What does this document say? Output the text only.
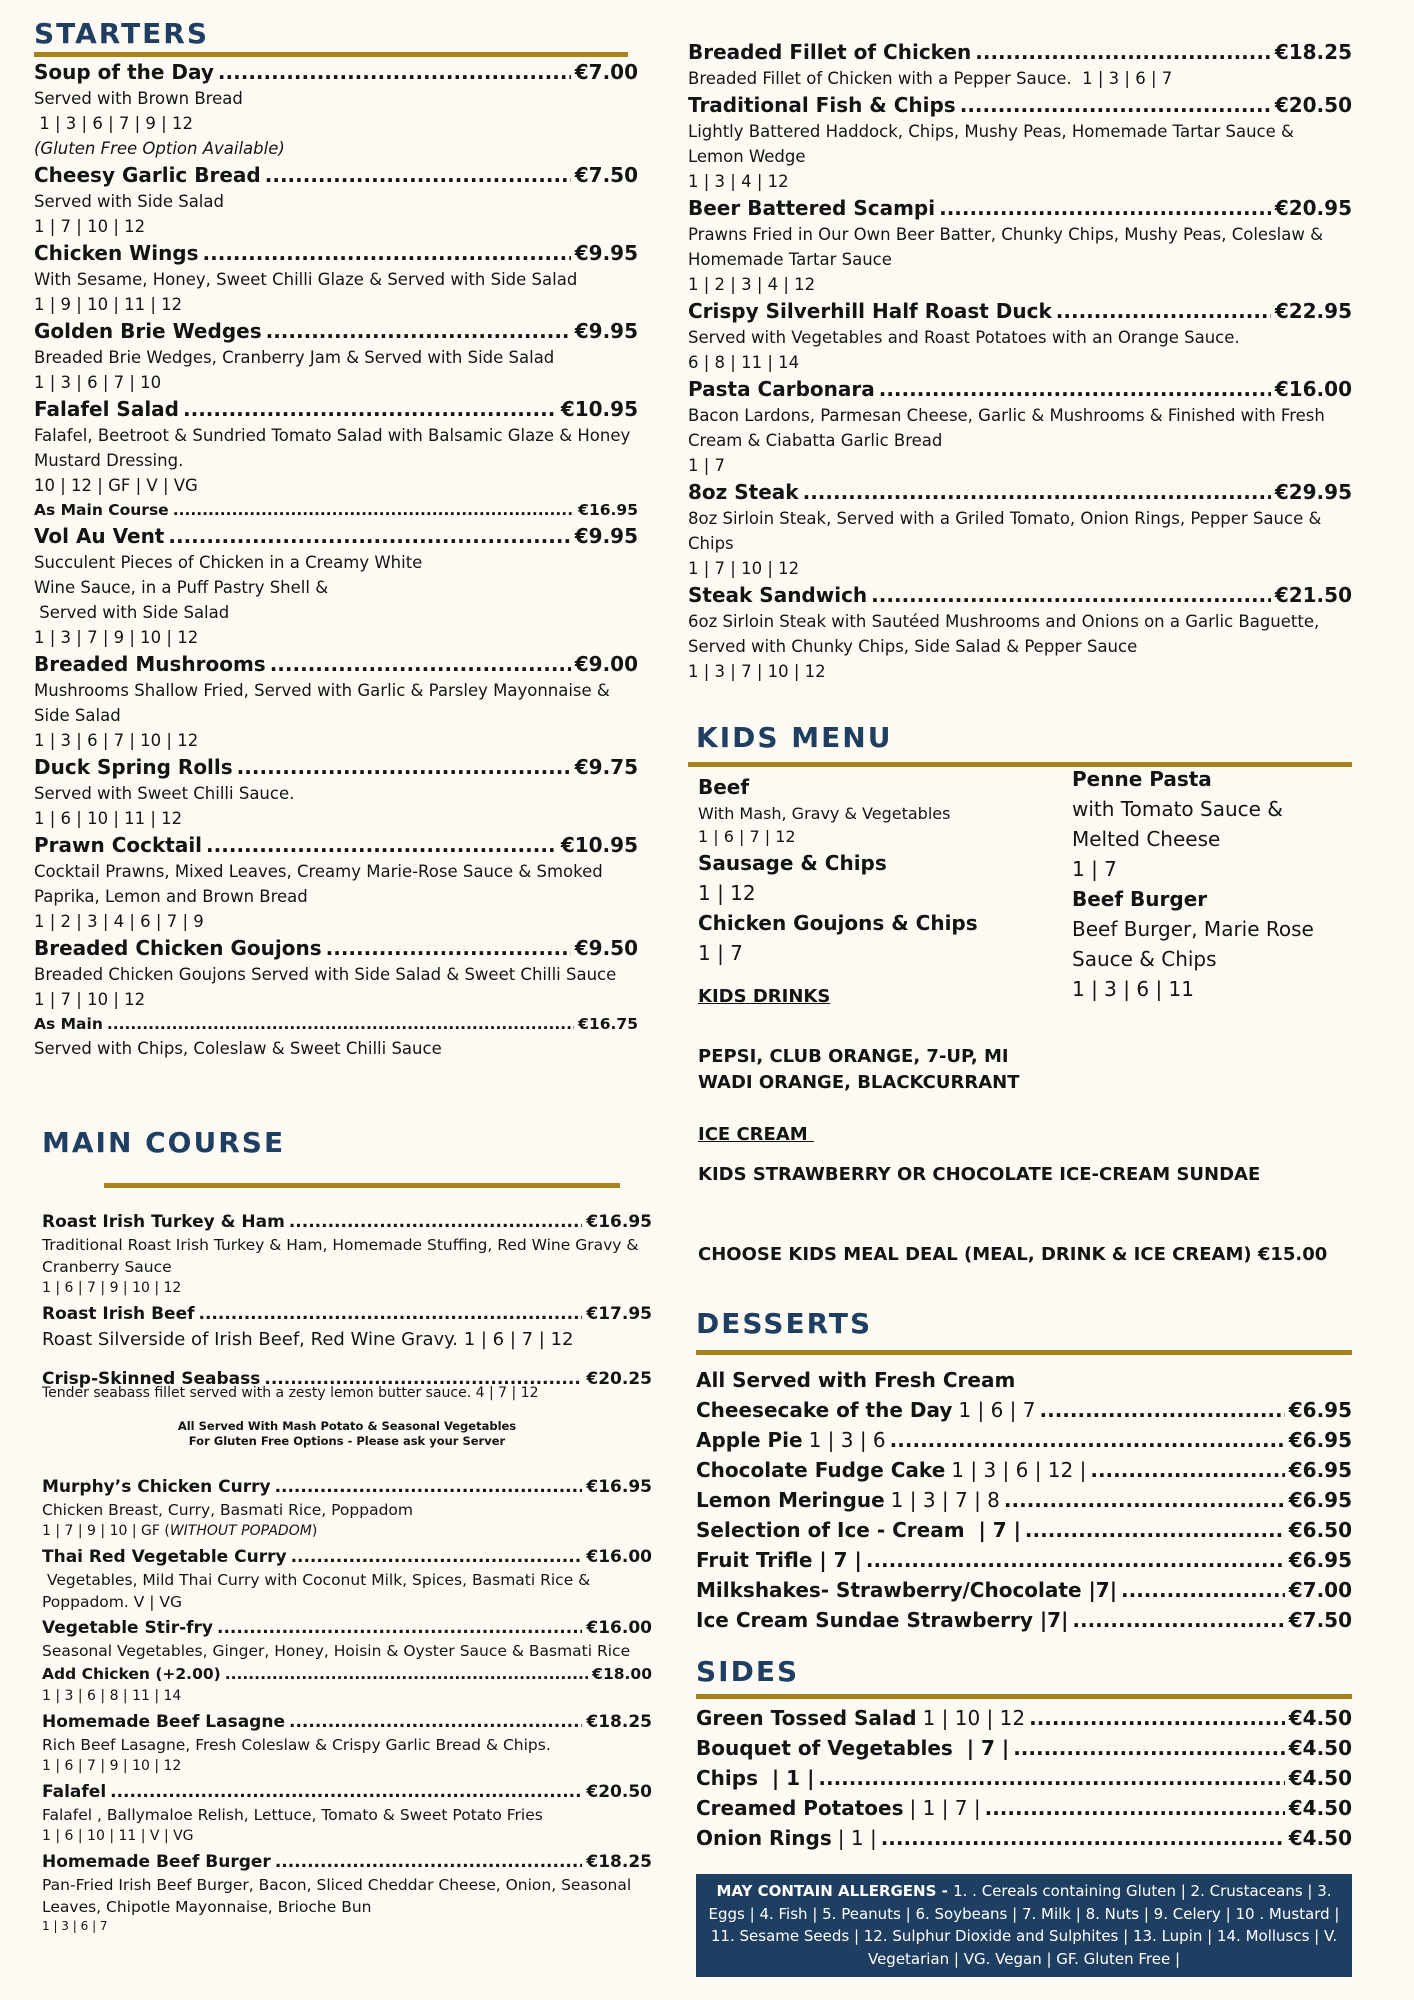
STARTERS
Soup of the Day .....	€7.00
Served with Brown Bread
1 | 3 | 6 | 7 | 9 | 12
(Gluten Free Option Available)
Cheesy Garlic Bread .....	€7.50
Served with Side Salad
1 | 7 | 10 | 12
Chicken Wings .....	€9.95
With Sesame, Honey, Sweet Chilli Glaze & Served with Side Salad
1 | 9 | 10 | 11 | 12
Golden Brie Wedges .....	€9.95
Breaded Brie Wedges, Cranberry Jam & Served with Side Salad
1 | 3 | 6 | 7 | 10
Falafel Salad .....	€10.95
Falafel, Beetroot & Sundried Tomato Salad with Balsamic Glaze & Honey Mustard Dressing.
10 | 12 | GF | V | VG
As Main Course .....	€16.95
Vol Au Vent .....	€9.95
Succulent Pieces of Chicken in a Creamy White
Wine Sauce, in a Puff Pastry Shell &
Served with Side Salad
1 | 3 | 7 | 9 | 10 | 12
Breaded Mushrooms .....	€9.00
Mushrooms Shallow Fried, Served with Garlic & Parsley Mayonnaise & Side Salad
1 | 3 | 6 | 7 | 10 | 12
Duck Spring Rolls .....	€9.75
Served with Sweet Chilli Sauce.
1 | 6 | 10 | 11 | 12
Prawn Cocktail .....	€10.95
Cocktail Prawns, Mixed Leaves, Creamy Marie-Rose Sauce & Smoked Paprika, Lemon and Brown Bread
1 | 2 | 3 | 4 | 6 | 7 | 9
Breaded Chicken Goujons .....	€9.50
Breaded Chicken Goujons Served with Side Salad & Sweet Chilli Sauce
1 | 7 | 10 | 12
As Main .....	€16.75
Served with Chips, Coleslaw & Sweet Chilli Sauce
MAIN COURSE
Roast Irish Turkey & Ham .....	€16.95
Traditional Roast Irish Turkey & Ham, Homemade Stuffing, Red Wine Gravy & Cranberry Sauce
1 | 6 | 7 | 9 | 10 | 12
Roast Irish Beef .....	€17.95
Roast Silverside of Irish Beef, Red Wine Gravy. 1 | 6 | 7 | 12
Crisp-Skinned Seabass .....	€20.25
Tender seabass fillet served with a zesty lemon butter sauce. 4 | 7 | 12
All Served With Mash Potato & Seasonal Vegetables
For Gluten Free Options - Please ask your Server
Murphy’s Chicken Curry .....	€16.95
Chicken Breast, Curry, Basmati Rice, Poppadom
1 | 7 | 9 | 10 | GF (WITHOUT POPADOM)
Thai Red Vegetable Curry .....	€16.00
Vegetables, Mild Thai Curry with Coconut Milk, Spices, Basmati Rice & Poppadom. V | VG
Vegetable Stir-fry .....	€16.00
Seasonal Vegetables, Ginger, Honey, Hoisin & Oyster Sauce & Basmati Rice
Add Chicken (+2.00) .....	€18.00
1 | 3 | 6 | 8 | 11 | 14
Homemade Beef Lasagne .....	€18.25
Rich Beef Lasagne, Fresh Coleslaw & Crispy Garlic Bread & Chips.
1 | 6 | 7 | 9 | 10 | 12
Falafel .....	€20.50
Falafel , Ballymaloe Relish, Lettuce, Tomato & Sweet Potato Fries
1 | 6 | 10 | 11 | V | VG
Homemade Beef Burger .....	€18.25
Pan-Fried Irish Beef Burger, Bacon, Sliced Cheddar Cheese, Onion, Seasonal Leaves, Chipotle Mayonnaise, Brioche Bun
1 | 3 | 6 | 7
Breaded Fillet of Chicken .....	€18.25
Breaded Fillet of Chicken with a Pepper Sauce.  1 | 3 | 6 | 7
Traditional Fish & Chips .....	€20.50
Lightly Battered Haddock, Chips, Mushy Peas, Homemade Tartar Sauce & Lemon Wedge
1 | 3 | 4 | 12
Beer Battered Scampi .....	€20.95
Prawns Fried in Our Own Beer Batter, Chunky Chips, Mushy Peas, Coleslaw & Homemade Tartar Sauce
1 | 2 | 3 | 4 | 12
Crispy Silverhill Half Roast Duck .....	€22.95
Served with Vegetables and Roast Potatoes with an Orange Sauce.
6 | 8 | 11 | 14
Pasta Carbonara .....	€16.00
Bacon Lardons, Parmesan Cheese, Garlic & Mushrooms & Finished with Fresh Cream & Ciabatta Garlic Bread
1 | 7
8oz Steak .....	€29.95
8oz Sirloin Steak, Served with a Griled Tomato, Onion Rings, Pepper Sauce & Chips
1 | 7 | 10 | 12
Steak Sandwich .....	€21.50
6oz Sirloin Steak with Sautéed Mushrooms and Onions on a Garlic Baguette, Served with Chunky Chips, Side Salad & Pepper Sauce
1 | 3 | 7 | 10 | 12
KIDS MENU
Beef
With Mash, Gravy & Vegetables
1 | 6 | 7 | 12
Sausage & Chips
1 | 12
Chicken Goujons & Chips
1 | 7
KIDS DRINKS
PEPSI, CLUB ORANGE, 7-UP, MI WADI ORANGE, BLACKCURRANT
Penne Pasta
with Tomato Sauce &
Melted Cheese
1 | 7
Beef Burger
Beef Burger, Marie Rose
Sauce & Chips
1 | 3 | 6 | 11
ICE CREAM
KIDS STRAWBERRY OR CHOCOLATE ICE-CREAM SUNDAE
CHOOSE KIDS MEAL DEAL (MEAL, DRINK & ICE CREAM) €15.00
DESSERTS
All Served with Fresh Cream
Cheesecake of the Day 1 | 6 | 7 .....	€6.95
Apple Pie 1 | 3 | 6 .....	€6.95
Chocolate Fudge Cake 1 | 3 | 6 | 12 | .....	€6.95
Lemon Meringue 1 | 3 | 7 | 8 .....	€6.95
Selection of Ice - Cream  | 7 | .....	€6.50
Fruit Trifle | 7 | .....	€6.95
Milkshakes- Strawberry/Chocolate |7| .....	€7.00
Ice Cream Sundae Strawberry |7| .....	€7.50
SIDES
Green Tossed Salad 1 | 10 | 12 .....	€4.50
Bouquet of Vegetables  | 7 | .....	€4.50
Chips  | 1 | .....	€4.50
Creamed Potatoes | 1 | 7 | .....	€4.50
Onion Rings | 1 | .....	€4.50
MAY CONTAIN ALLERGENS - 1. . Cereals containing Gluten | 2. Crustaceans | 3. Eggs | 4. Fish | 5. Peanuts | 6. Soybeans | 7. Milk | 8. Nuts | 9. Celery | 10 . Mustard | 11. Sesame Seeds | 12. Sulphur Dioxide and Sulphites | 13. Lupin | 14. Molluscs | V. Vegetarian | VG. Vegan | GF. Gluten Free |
